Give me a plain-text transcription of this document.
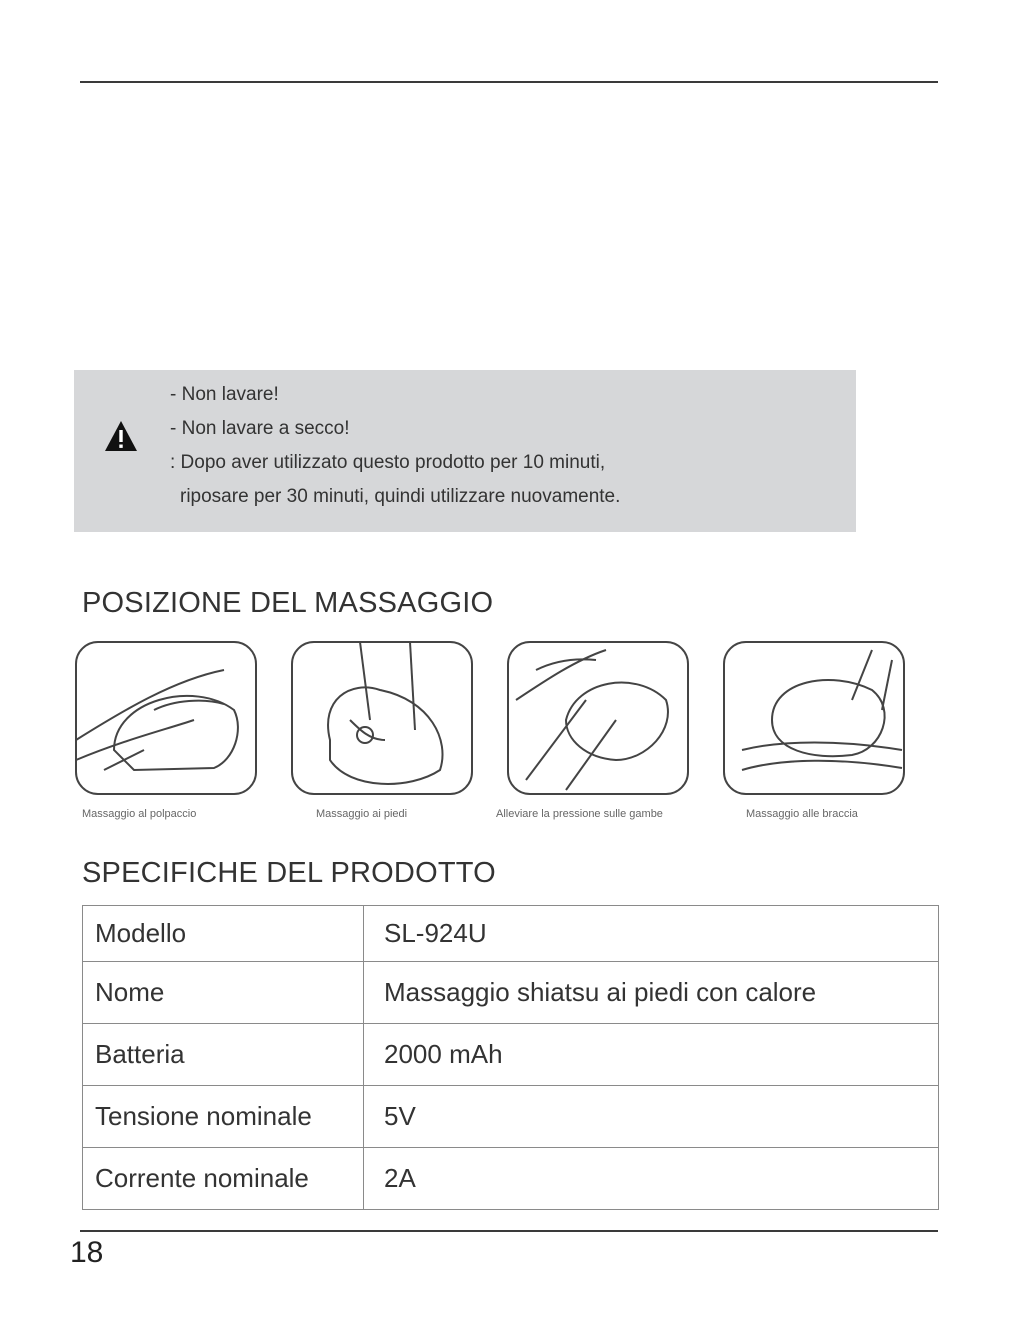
- Non lavare!
- Non lavare a secco!
: Dopo aver utilizzato questo prodotto per 10 minuti,
riposare per 30 minuti, quindi utilizzare nuovamente.
POSIZIONE DEL MASSAGGIO
Massaggio al polpaccio	Massaggio ai piedi	Alleviare la pressione sulle gambe	Massaggio alle braccia
SPECIFICHE DEL PRODOTTO
Modello	SL-924U
Nome	Massaggio shiatsu ai piedi con calore
Batteria	2000 mAh
Tensione nominale	5V
Corrente nominale	2A
18
